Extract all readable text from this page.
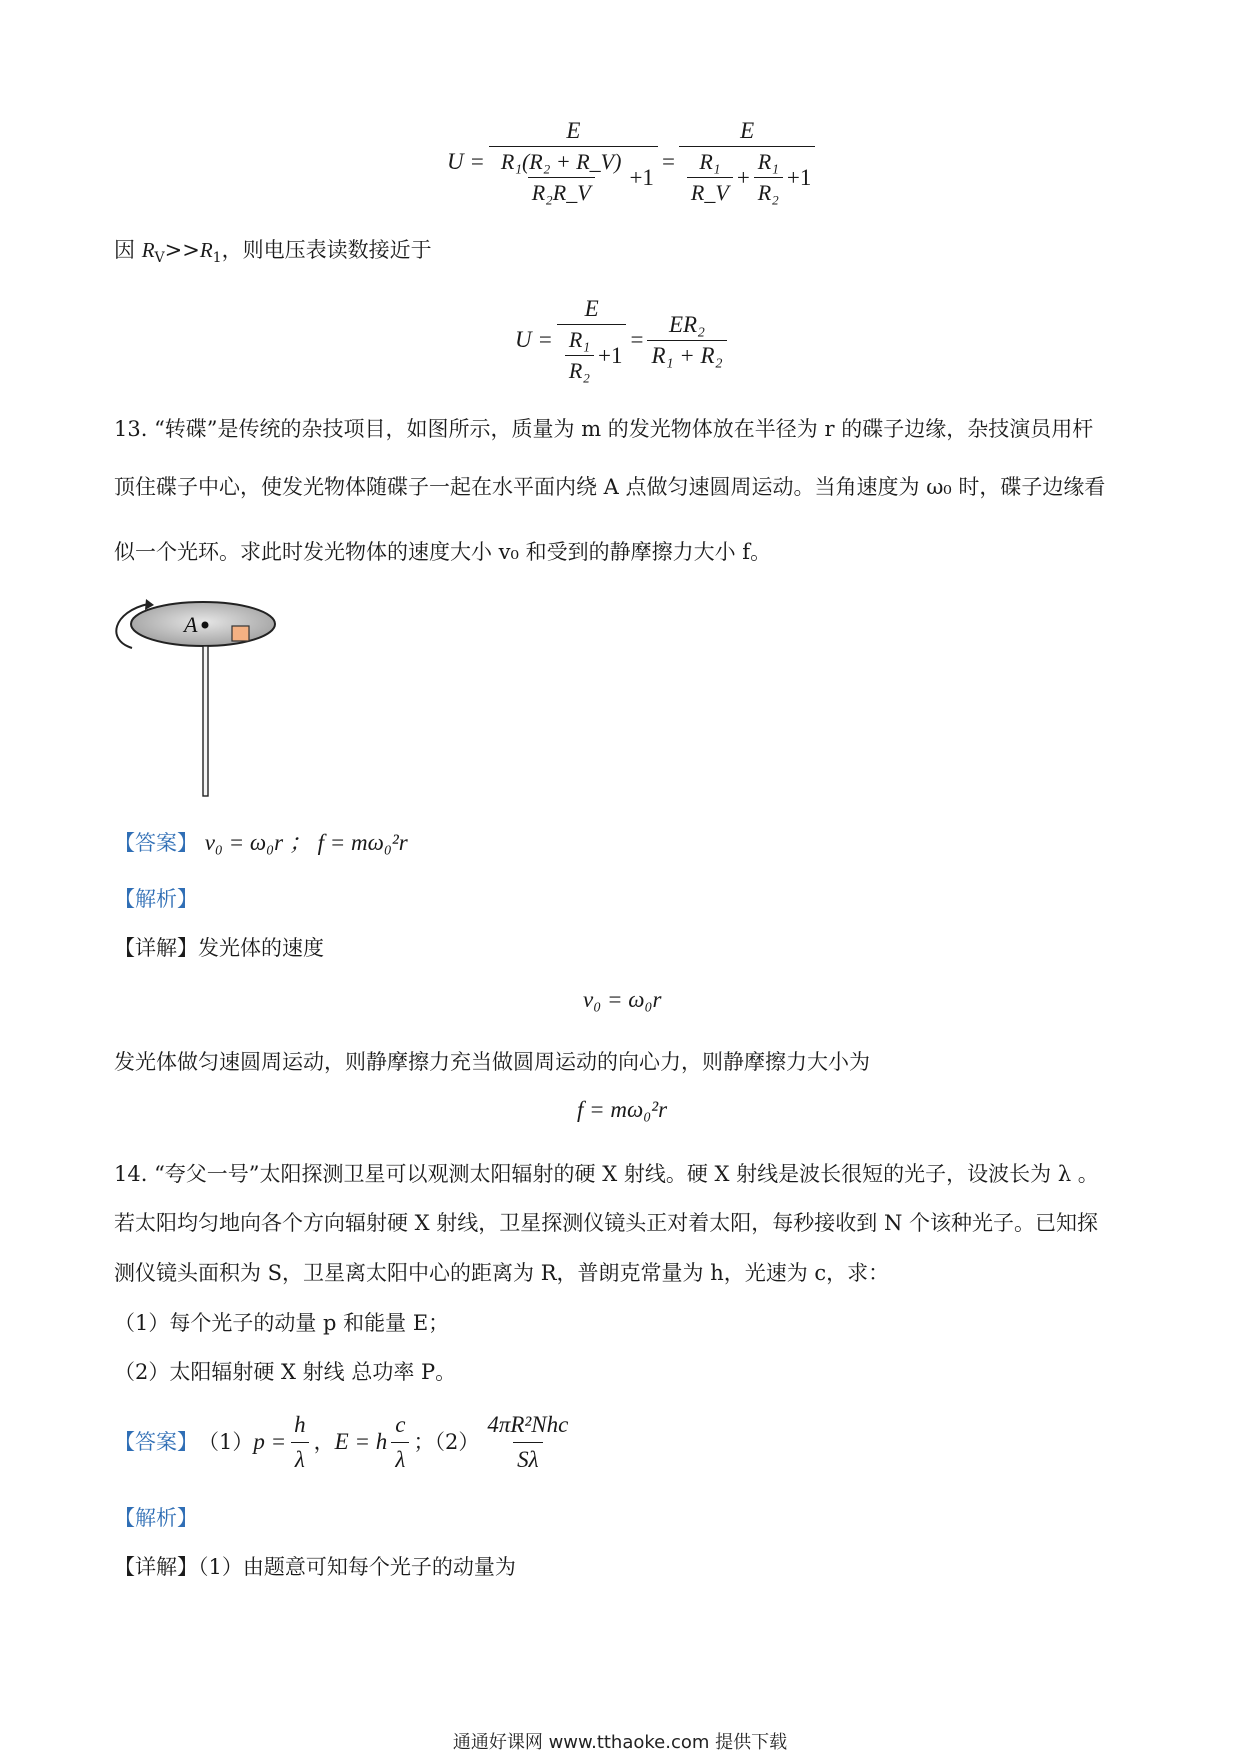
$U = \frac{E}{\frac{\text{R₁(R₂ + R\_V)}}{\text{R₂R\_V}} +1}$ =
E
$\frac{\text{R₁}}{R\_V} + \frac{\text{R₁}}{\text{R₂}} +1$
因 $R_V>>R_1$，则电压表读数接近于
$U = \frac{E}{\frac{\text{R₁}}{\text{R₂}} +1} = \frac{\text{ER₂}}{\text{R₁ + R₂}}$
13. “转碟”是传统的杂技项目，如图所示，质量为 m 的发光物体放在半径为 r 的碟子边缘，杂技演员用杆
顶住碟子中心，使发光物体随碟子一起在水平面内绕 A 点做匀速圆周运动。当角速度为 ω₀ 时，碟子边缘看
似一个光环。求此时发光物体的速度大小 v₀ 和受到的静摩擦力大小 f。
A
【答案】 v₀ = ω₀r ； f = mω₀²r
【解析】
【详解】发光体的速度
v₀ = ω₀r
发光体做匀速圆周运动，则静摩擦力充当做圆周运动的向心力，则静摩擦力大小为
f = mω₀²r
14. “夸父一号”太阳探测卫星可以观测太阳辐射的硬 X 射线。硬 X 射线是波长很短的光子，设波长为 λ 。
若太阳均匀地向各个方向辐射硬 X 射线，卫星探测仪镜头正对着太阳，每秒接收到 N 个该种光子。已知探
测仪镜头面积为 S，卫星离太阳中心的距离为 R，普朗克常量为 h，光速为 c，求：
（1）每个光子的动量 p 和能量 E；
（2）太阳辐射硬 X 射线 总功率 P。
【答案】 （1） $p = \frac{h}{\lambda}$ ， E = h $\frac{c}{\lambda}$ ；$(2) \frac{\text{4πR²Nhc}}{S\lambda}$
【解析】
【详解】（1）由题意可知每个光子的动量为
通通好课网 www.tthaoke.com 提供下载
